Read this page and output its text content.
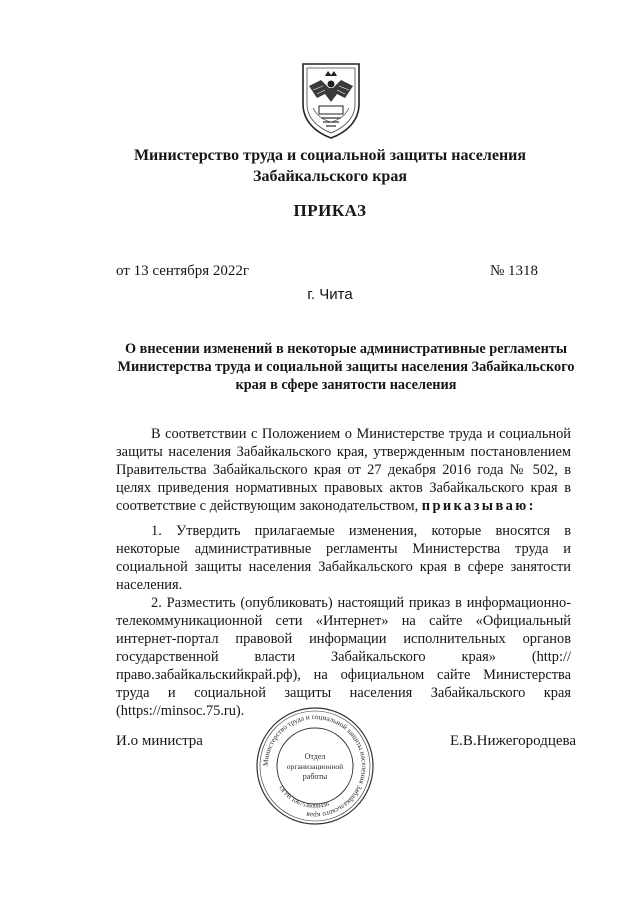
Министерство труда и социальной защиты населения
Забайкальского края
ПРИКАЗ
от 13 сентября 2022г	№ 1318
г. Чита
О внесении изменений в некоторые административные регламенты Министерства труда и социальной защиты населения Забайкальского края в сфере занятости населения

В соответствии с Положением о Министерстве труда и социальной защиты населения Забайкальского края, утвержденным постановлением Правительства Забайкальского края от 27 декабря 2016 года № 502, в целях приведения нормативных правовых актов Забайкальского края в соответствие с действующим законодательством, приказываю:

1. Утвердить прилагаемые изменения, которые вносятся в некоторые административные регламенты Министерства труда и социальной защиты населения Забайкальского края в сфере занятости населения.

2. Разместить (опубликовать) настоящий приказ в информационно-телекоммуникационной сети «Интернет» на сайте «Официальный интернет-портал правовой информации исполнительных органов государственной власти Забайкальского края» (http://право.забайкальскийкрай.рф), на официальном сайте Министерства труда и социальной защиты населения Забайкальского края (https://minsoc.75.ru).

И.о министра	Е.В.Нижегородцева
Министерство труда и социальной защиты населения Забайкальского края
ОГРН 1067536008436
Отдел
организационной
работы
